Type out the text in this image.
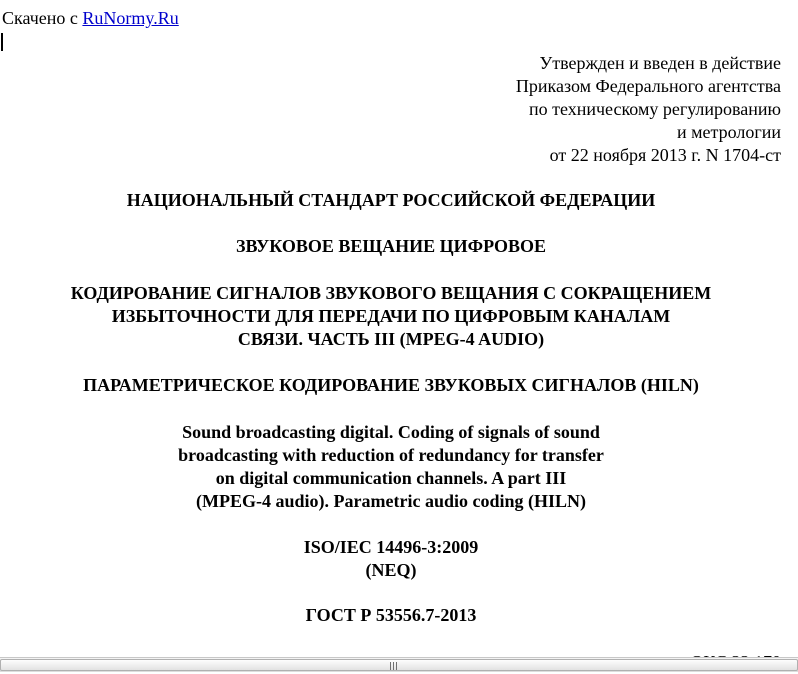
Скачено с RuNormy.Ru
Утвержден и введен в действие
Приказом Федерального агентства
по техническому регулированию
и метрологии
от 22 ноября 2013 г. N 1704-ст
НАЦИОНАЛЬНЫЙ СТАНДАРТ РОССИЙСКОЙ ФЕДЕРАЦИИ
ЗВУКОВОЕ ВЕЩАНИЕ ЦИФРОВОЕ
КОДИРОВАНИЕ СИГНАЛОВ ЗВУКОВОГО ВЕЩАНИЯ С СОКРАЩЕНИЕМ
ИЗБЫТОЧНОСТИ ДЛЯ ПЕРЕДАЧИ ПО ЦИФРОВЫМ КАНАЛАМ
СВЯЗИ. ЧАСТЬ III (MPEG-4 AUDIO)
ПАРАМЕТРИЧЕСКОЕ КОДИРОВАНИЕ ЗВУКОВЫХ СИГНАЛОВ (HILN)
Sound broadcasting digital. Coding of signals of sound
broadcasting with reduction of redundancy for transfer
on digital communication channels. A part III
(MPEG-4 audio). Parametric audio coding (HILN)
ISO/IEC 14496-3:2009
(NEQ)
ГОСТ Р 53556.7-2013
